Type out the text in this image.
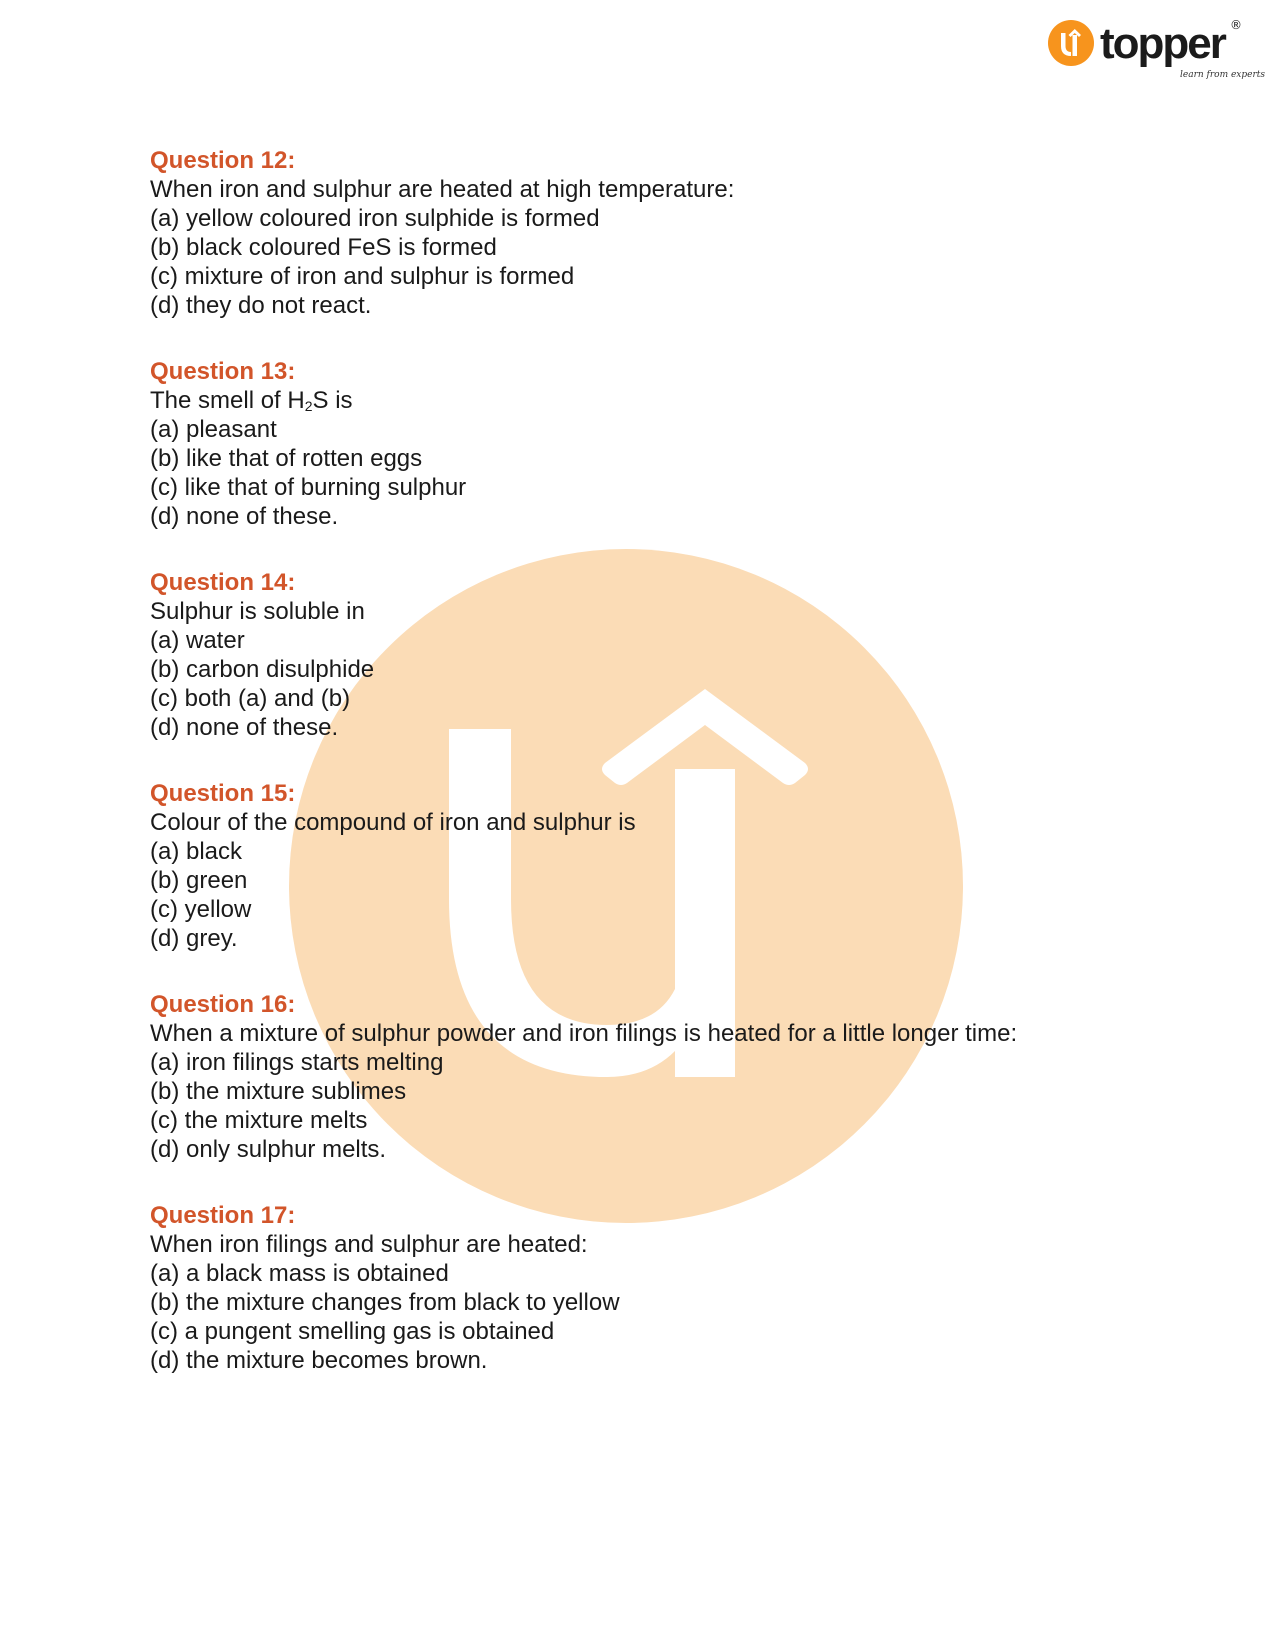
topper ®
learn from experts
Question 12:
When iron and sulphur are heated at high temperature:
(a) yellow coloured iron sulphide is formed
(b) black coloured FeS is formed
(c) mixture of iron and sulphur is formed
(d) they do not react.
Question 13:
The smell of $H_2S$ is
(a) pleasant
(b) like that of rotten eggs
(c) like that of burning sulphur
(d) none of these.
Question 14:
Sulphur is soluble in
(a) water
(b) carbon disulphide
(c) both (a) and (b)
(d) none of these.
Question 15:
Colour of the compound of iron and sulphur is
(a) black
(b) green
(c) yellow
(d) grey.
Question 16:
When a mixture of sulphur powder and iron filings is heated for a little longer time:
(a) iron filings starts melting
(b) the mixture sublimes
(c) the mixture melts
(d) only sulphur melts.
Question 17:
When iron filings and sulphur are heated:
(a) a black mass is obtained
(b) the mixture changes from black to yellow
(c) a pungent smelling gas is obtained
(d) the mixture becomes brown.
